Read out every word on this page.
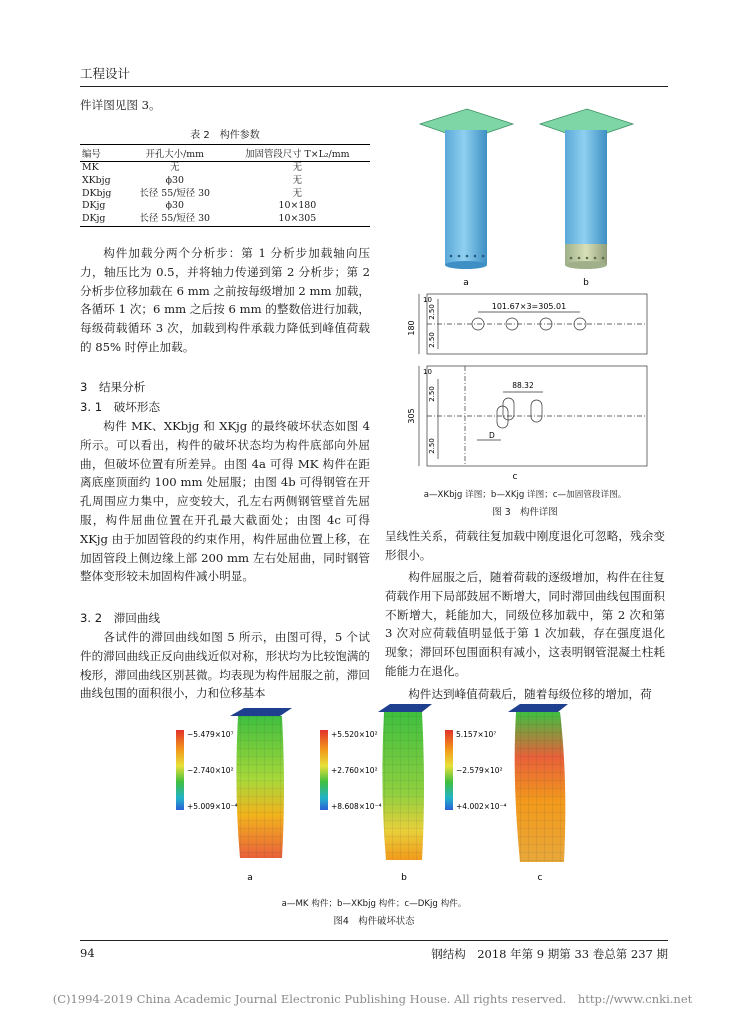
工程设计
件详图见图 3。
表 2　构件参数
编号	开孔大小/mm	加固管段尺寸 T×L₂/mm
MK	无	无
XKbjg	ϕ30	无
DKbjg	长径 55/短径 30	无
DKjg	ϕ30	10×180
DKjg	长径 55/短径 30	10×305
构件加载分两个分析步：第 1 分析步加载轴向压力，轴压比为 0.5，并将轴力传递到第 2 分析步；第 2 分析步位移加载在 6 mm 之前按每级增加 2 mm 加载，各循环 1 次；6 mm 之后按 6 mm 的整数倍进行加载，每级荷载循环 3 次，加载到构件承载力降低到峰值荷载的 85% 时停止加载。
3　结果分析
3. 1　破坏形态
构件 MK、XKbjg 和 XKjg 的最终破坏状态如图 4 所示。可以看出，构件的破坏状态均为构件底部向外屈曲，但破坏位置有所差异。由图 4a 可得 MK 构件在距离底座顶面约 100 mm 处屈服；由图 4b 可得钢管在开孔周围应力集中，应变较大，孔左右两侧钢管壁首先屈服，构件屈曲位置在开孔最大截面处；由图 4c 可得 XKjg 由于加固管段的约束作用，构件屈曲位置上移，在加固管段上侧边缘上部 200 mm 左右处屈曲，同时钢管整体变形较未加固构件减小明显。
3. 2　滞回曲线
各试件的滞回曲线如图 5 所示，由图可得，5 个试件的滞回曲线正反向曲线近似对称，形状均为比较饱满的梭形，滞回曲线区别甚微。均表现为构件屈服之前，滞回曲线包围的面积很小，力和位移基本
a	b
101.67×3=305.01
180
2.50
2.50
10
88.32
305
2.50
2.50
10
D
c
a—XKbjg 详图；b—XKjg 详图；c—加固管段详图。
图 3　构件详图
呈线性关系，荷载往复加载中刚度退化可忽略，残余变形很小。
构件屈服之后，随着荷载的逐级增加，构件在往复荷载作用下局部鼓屈不断增大，同时滞回曲线包围面积不断增大，耗能加大，同级位移加载中，第 2 次和第 3 次对应荷载值明显低于第 1 次加载，存在强度退化现象；滞回环包围面积有减小，这表明钢管混凝土柱耗能能力在退化。
构件达到峰值荷载后，随着每级位移的增加，荷
−5.479×10⁷
−2.740×10²
+5.009×10⁻⁴
a
+5.520×10²
+2.760×10²
+8.608×10⁻⁴
b
5.157×10⁷
−2.579×10²
+4.002×10⁻⁴
c
a—MK 构件；b—XKbjg 构件；c—DKjg 构件。
图4　构件破坏状态
94	钢结构　2018 年第 9 期第 33 卷总第 237 期
(C)1994-2019 China Academic Journal Electronic Publishing House. All rights reserved.　http://www.cnki.net
